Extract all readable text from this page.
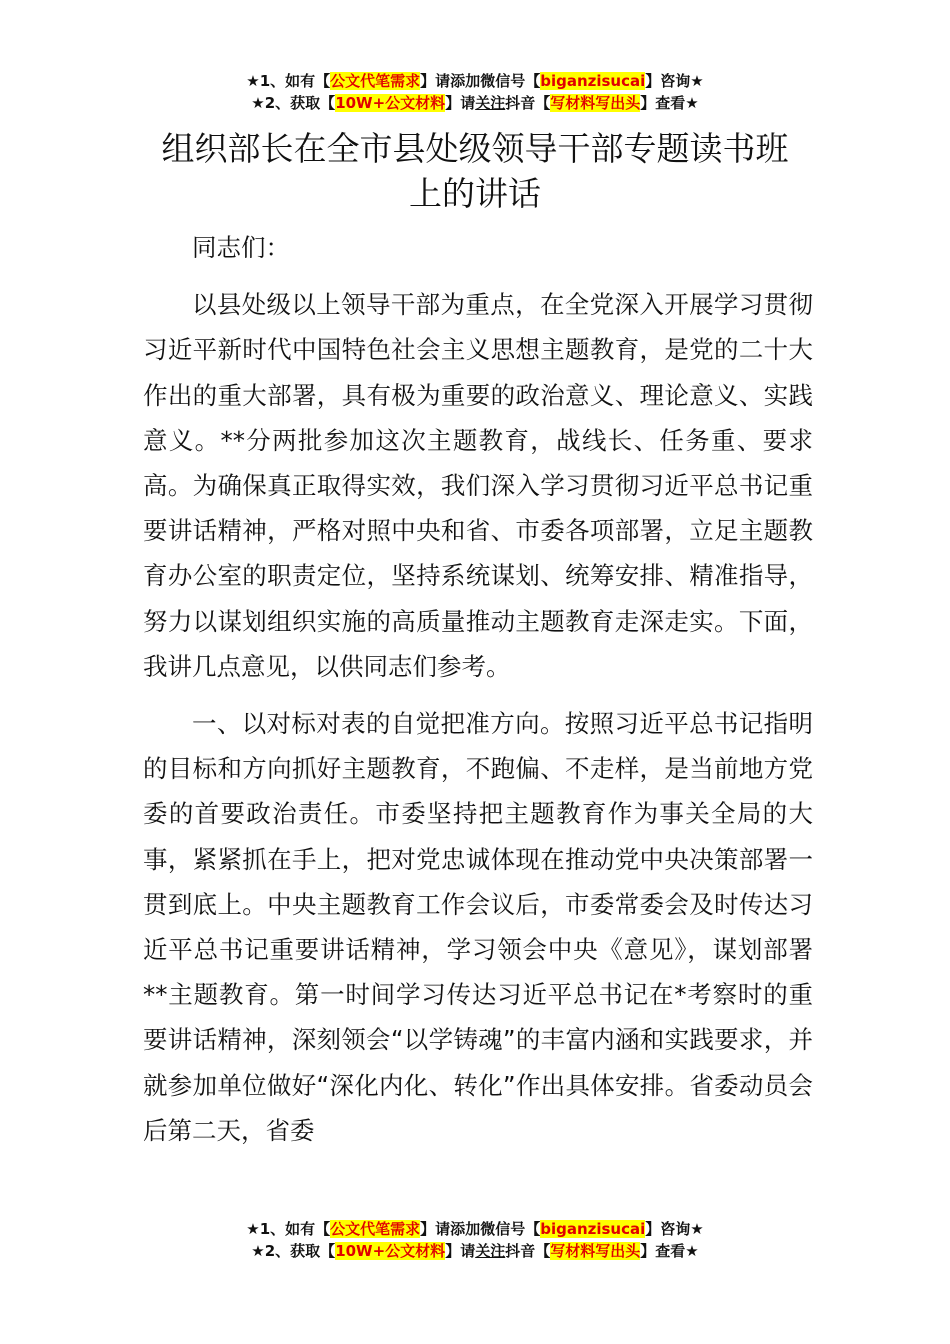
★1、如有【公文代笔需求】请添加微信号【biganzisucai】咨询★
★2、获取【10W+公文材料】请关注抖音【写材料写出头】查看★
组织部长在全市县处级领导干部专题读书班
上的讲话

同志们：

以县处级以上领导干部为重点，在全党深入开展学习贯彻习近平新时代中国特色社会主义思想主题教育，是党的二十大作出的重大部署，具有极为重要的政治意义、理论意义、实践意义。**分两批参加这次主题教育，战线长、任务重、要求高。为确保真正取得实效，我们深入学习贯彻习近平总书记重要讲话精神，严格对照中央和省、市委各项部署，立足主题教育办公室的职责定位，坚持系统谋划、统筹安排、精准指导，努力以谋划组织实施的高质量推动主题教育走深走实。下面，我讲几点意见，以供同志们参考。

一、以对标对表的自觉把准方向。按照习近平总书记指明的目标和方向抓好主题教育，不跑偏、不走样，是当前地方党委的首要政治责任。市委坚持把主题教育作为事关全局的大事，紧紧抓在手上，把对党忠诚体现在推动党中央决策部署一贯到底上。中央主题教育工作会议后，市委常委会及时传达习近平总书记重要讲话精神，学习领会中央《意见》，谋划部署**主题教育。第一时间学习传达习近平总书记在*考察时的重要讲话精神，深刻领会“以学铸魂”的丰富内涵和实践要求，并就参加单位做好“深化内化、转化”作出具体安排。省委动员会后第二天，省委

★1、如有【公文代笔需求】请添加微信号【biganzisucai】咨询★
★2、获取【10W+公文材料】请关注抖音【写材料写出头】查看★
